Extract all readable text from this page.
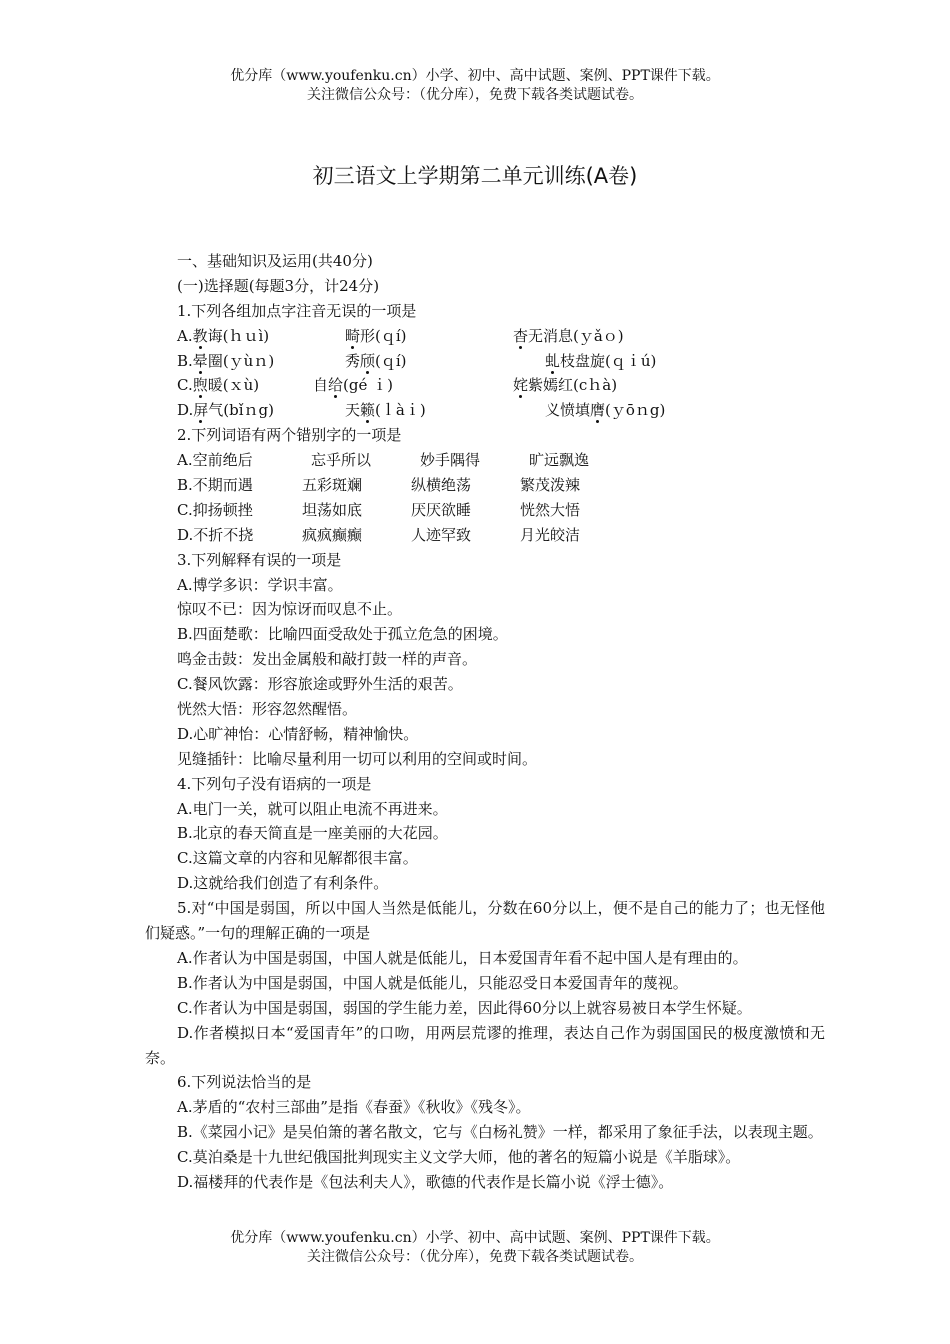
优分库（www.youfenku.cn）小学、初中、高中试题、案例、PPT课件下载。
关注微信公众号：（优分库），免费下载各类试题试卷。
初三语文上学期第二单元训练(A卷)
一、基础知识及运用(共40分)
(一)选择题(每题3分，计24分)
1.下列各组加点字注音无误的一项是
A.教诲(ｈｕì)	畸形(ｑí)	杳无消息(ｙǎｏ)
B.晕圈(ｙùｎ)	秀颀(ｑí)	虬枝盘旋(ｑｉú)
C.煦暖(ｘù)	自给(gé ｉ)	姹紫嫣红(cｈà)
D.屏气(bǐｎg)	天籁(ｌàｉ)	义愤填膺(ｙōｎg)
2.下列词语有两个错别字的一项是
A.空前绝后	忘乎所以	妙手隅得	旷远飘逸
B.不期而遇	五彩斑斓	纵横绝荡	繁茂泼辣
C.抑扬顿挫	坦荡如底	厌厌欲睡	恍然大悟
D.不折不挠	疯疯癫癫	人迹罕致	月光皎洁
3.下列解释有误的一项是
A.博学多识：学识丰富。
惊叹不已：因为惊讶而叹息不止。
B.四面楚歌：比喻四面受敌处于孤立危急的困境。
鸣金击鼓：发出金属般和敲打鼓一样的声音。
C.餐风饮露：形容旅途或野外生活的艰苦。
恍然大悟：形容忽然醒悟。
D.心旷神怡：心情舒畅，精神愉快。
见缝插针：比喻尽量利用一切可以利用的空间或时间。
4.下列句子没有语病的一项是
A.电门一关，就可以阻止电流不再进来。
B.北京的春天简直是一座美丽的大花园。
C.这篇文章的内容和见解都很丰富。
D.这就给我们创造了有利条件。
5.对“中国是弱国，所以中国人当然是低能儿，分数在60分以上，便不是自己的能力了；也无怪他们疑惑。”一句的理解正确的一项是
A.作者认为中国是弱国，中国人就是低能儿，日本爱国青年看不起中国人是有理由的。
B.作者认为中国是弱国，中国人就是低能儿，只能忍受日本爱国青年的蔑视。
C.作者认为中国是弱国，弱国的学生能力差，因此得60分以上就容易被日本学生怀疑。
D.作者模拟日本“爱国青年”的口吻，用两层荒谬的推理，表达自己作为弱国国民的极度激愤和无奈。
6.下列说法恰当的是
A.茅盾的“农村三部曲”是指《春蚕》《秋收》《残冬》。
B.《菜园小记》是吴伯箫的著名散文，它与《白杨礼赞》一样，都采用了象征手法，以表现主题。
C.莫泊桑是十九世纪俄国批判现实主义文学大师，他的著名的短篇小说是《羊脂球》。
D.福楼拜的代表作是《包法利夫人》，歌德的代表作是长篇小说《浮士德》。
优分库（www.youfenku.cn）小学、初中、高中试题、案例、PPT课件下载。
关注微信公众号：（优分库），免费下载各类试题试卷。
